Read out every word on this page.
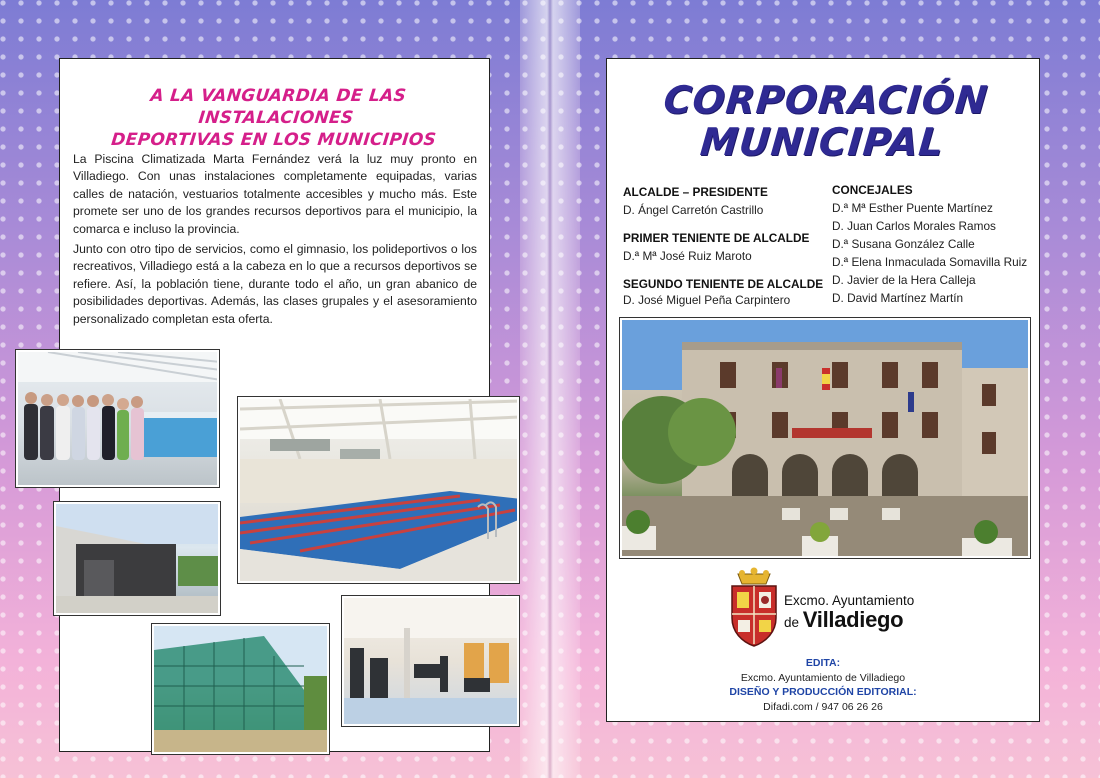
A LA VANGUARDIA DE LAS INSTALACIONES
DEPORTIVAS EN LOS MUNICIPIOS

La Piscina Climatizada Marta Fernández verá la luz muy pronto en Villadiego. Con unas instalaciones completamente equipadas, varias calles de natación, vestuarios totalmente accesibles y mucho más. Este promete ser uno de los grandes recursos deportivos para el municipio, la comarca e incluso la provincia.

Junto con otro tipo de servicios, como el gimnasio, los polideportivos o los recreativos, Villadiego está a la cabeza en lo que a recursos deportivos se refiere. Así, la población tiene, durante todo el año, un gran abanico de posibilidades deportivas. Además, las clases grupales y el asesoramiento personalizado completan esta oferta.

CORPORACIÓN
MUNICIPAL
ALCALDE – PRESIDENTE
D. Ángel Carretón Castrillo
PRIMER TENIENTE DE ALCALDE
D.ª Mª José Ruiz Maroto
SEGUNDO TENIENTE DE ALCALDE
D. José Miguel Peña Carpintero
CONCEJALES
D.ª Mª Esther Puente Martínez
D. Juan Carlos Morales Ramos
D.ª Susana González Calle
D.ª Elena Inmaculada Somavilla Ruiz
D. Javier de la Hera Calleja
D. David Martínez Martín
Excmo. Ayuntamiento
de Villadiego
EDITA:
Excmo. Ayuntamiento de Villadiego
DISEÑO Y PRODUCCIÓN EDITORIAL:
Difadi.com / 947 06 26 26
